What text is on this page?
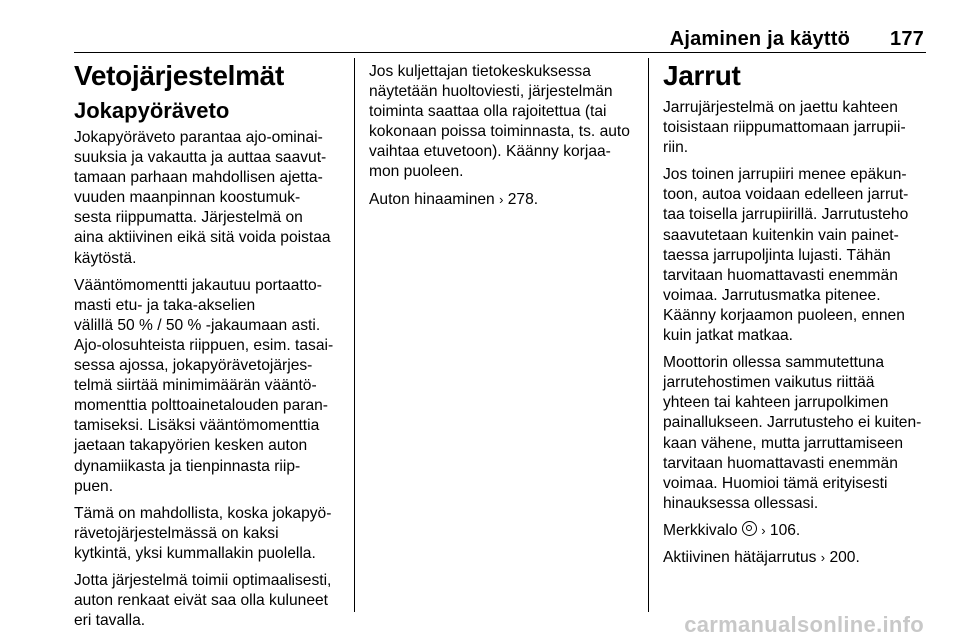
Ajaminen ja käyttö 177
Vetojärjestelmät
Jokapyöräveto

Jokapyöräveto parantaa ajo-ominai-
suuksia ja vakautta ja auttaa saavut-
tamaan parhaan mahdollisen ajetta-
vuuden maanpinnan koostumuk-
sesta riippumatta. Järjestelmä on
aina aktiivinen eikä sitä voida poistaa
käytöstä.

Vääntömomentti jakautuu portaatto-
masti etu- ja taka-akselien
välillä 50 % / 50 % -jakaumaan asti.
Ajo-olosuhteista riippuen, esim. tasai-
sessa ajossa, jokapyörävetojärjes-
telmä siirtää minimimäärän vääntö-
momenttia polttoainetalouden paran-
tamiseksi. Lisäksi vääntömomenttia
jaetaan takapyörien kesken auton
dynamiikasta ja tienpinnasta riip-
puen.

Tämä on mahdollista, koska jokapyö-
rävetojärjestelmässä on kaksi
kytkintä, yksi kummallakin puolella.

Jotta järjestelmä toimii optimaalisesti,
auton renkaat eivät saa olla kuluneet
eri tavalla.

Jos kuljettajan tietokeskuksessa
näytetään huoltoviesti, järjestelmän
toiminta saattaa olla rajoitettua (tai
kokonaan poissa toiminnasta, ts. auto
vaihtaa etuvetoon). Käänny korjaa-
mon puoleen.

Auton hinaaminen › 278.

Jarrut

Jarrujärjestelmä on jaettu kahteen
toisistaan riippumattomaan jarrupii-
riin.

Jos toinen jarrupiiri menee epäkun-
toon, autoa voidaan edelleen jarrut-
taa toisella jarrupiirillä. Jarrutusteho
saavutetaan kuitenkin vain painet-
taessa jarrupoljinta lujasti. Tähän
tarvitaan huomattavasti enemmän
voimaa. Jarrutusmatka pitenee.
Käänny korjaamon puoleen, ennen
kuin jatkat matkaa.

Moottorin ollessa sammutettuna
jarrutehostimen vaikutus riittää
yhteen tai kahteen jarrupolkimen
painallukseen. Jarrutusteho ei kuiten-
kaan vähene, mutta jarruttamiseen
tarvitaan huomattavasti enemmän
voimaa. Huomioi tämä erityisesti
hinauksessa ollessasi.

Merkkivalo › 106.

Aktiivinen hätäjarrutus › 200.

carmanualsonline.info
